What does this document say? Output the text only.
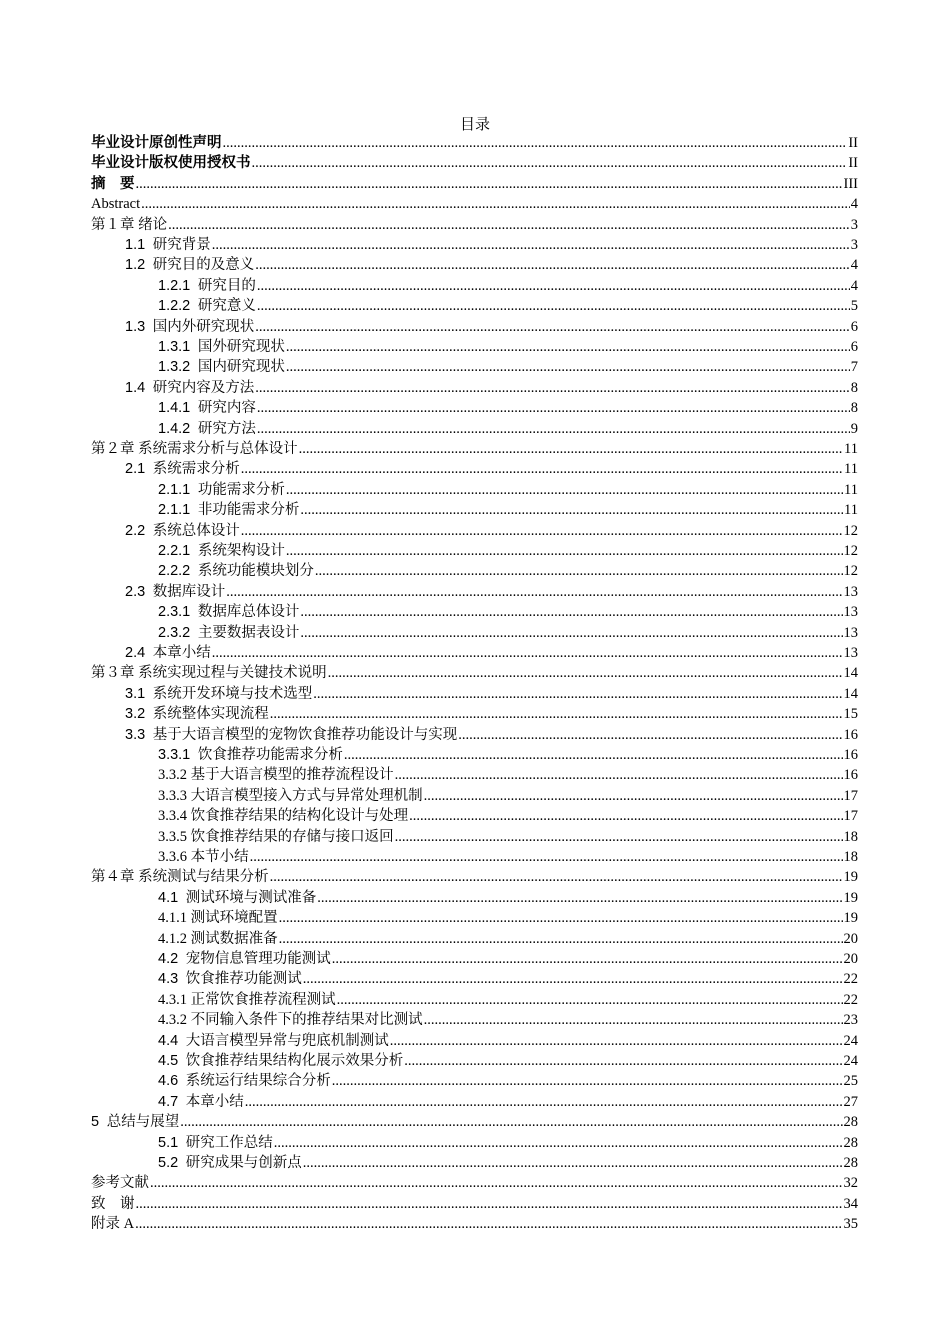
目录
毕业设计原创性声明 .....	II
毕业设计版权使用授权书 .....	II
摘　要 .....	III
Abstract .....	4
第１章 绪论 .....	3
1.1 研究背景 .....	3
1.2 研究目的及意义 .....	4
1.2.1 研究目的 .....	4
1.2.2 研究意义 .....	5
1.3 国内外研究现状 .....	6
1.3.1 国外研究现状 .....	6
1.3.2 国内研究现状 .....	7
1.4 研究内容及方法 .....	8
1.4.1 研究内容 .....	8
1.4.2 研究方法 .....	9
第２章 系统需求分析与总体设计 .....	11
2.1 系统需求分析 .....	11
2.1.1 功能需求分析 .....	11
2.1.1 非功能需求分析 .....	11
2.2 系统总体设计 .....	12
2.2.1 系统架构设计 .....	12
2.2.2 系统功能模块划分 .....	12
2.3 数据库设计 .....	13
2.3.1 数据库总体设计 .....	13
2.3.2 主要数据表设计 .....	13
2.4 本章小结 .....	13
第３章 系统实现过程与关键技术说明 .....	14
3.1 系统开发环境与技术选型 .....	14
3.2 系统整体实现流程 .....	15
3.3 基于大语言模型的宠物饮食推荐功能设计与实现 .....	16
3.3.1 饮食推荐功能需求分析 .....	16
3.3.2 基于大语言模型的推荐流程设计 .....	16
3.3.3 大语言模型接入方式与异常处理机制 .....	17
3.3.4 饮食推荐结果的结构化设计与处理 .....	17
3.3.5 饮食推荐结果的存储与接口返回 .....	18
3.3.6 本节小结 .....	18
第４章 系统测试与结果分析 .....	19
4.1 测试环境与测试准备 .....	19
4.1.1 测试环境配置 .....	19
4.1.2 测试数据准备 .....	20
4.2 宠物信息管理功能测试 .....	20
4.3 饮食推荐功能测试 .....	22
4.3.1 正常饮食推荐流程测试 .....	22
4.3.2 不同输入条件下的推荐结果对比测试 .....	23
4.4 大语言模型异常与兜底机制测试 .....	24
4.5 饮食推荐结果结构化展示效果分析 .....	24
4.6 系统运行结果综合分析 .....	25
4.7 本章小结 .....	27
5 总结与展望 .....	28
5.1 研究工作总结 .....	28
5.2 研究成果与创新点 .....	28
参考文献 .....	32
致　谢 .....	34
附录 A .....	35
